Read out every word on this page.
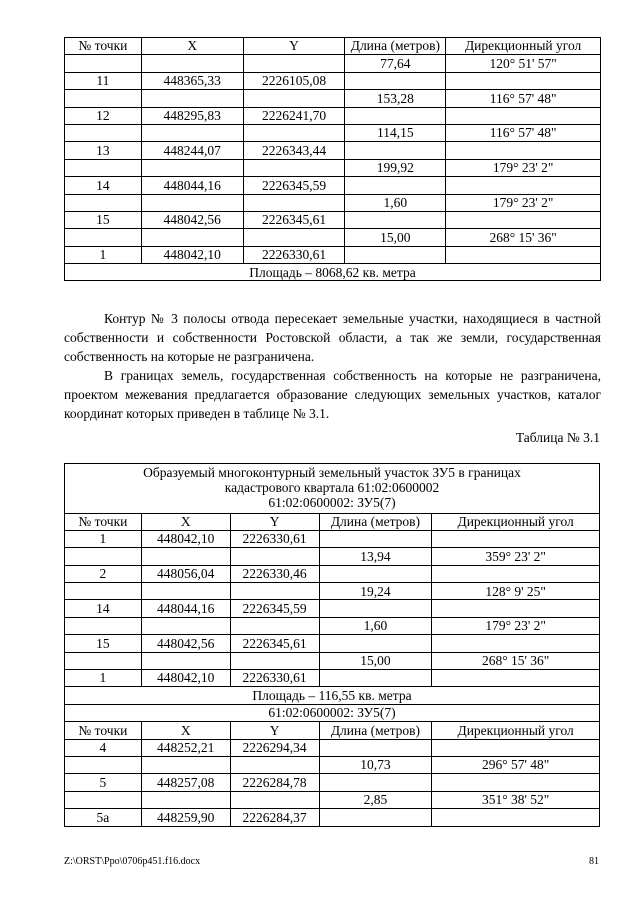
№ точки	X	Y	Длина (метров)	Дирекционный угол
			77,64	120° 51' 57"
11	448365,33	2226105,08		
			153,28	116° 57' 48"
12	448295,83	2226241,70		
			114,15	116° 57' 48"
13	448244,07	2226343,44		
			199,92	179° 23' 2"
14	448044,16	2226345,59		
			1,60	179° 23' 2"
15	448042,56	2226345,61		
			15,00	268° 15' 36"
1	448042,10	2226330,61		
Площадь – 8068,62 кв. метра				
Контур № 3 полосы отвода пересекает земельные участки, находящиеся в частной собственности и собственности Ростовской области, а так же земли, государственная собственность на которые не разграничена.
В границах земель, государственная собственность на которые не разграничена, проектом межевания предлагается образование следующих земельных участков, каталог координат которых приведен в таблице № 3.1.
Таблица № 3.1
Образуемый многоконтурный земельный участок ЗУ5 в границах
кадастрового квартала 61:02:0600002
61:02:0600002: ЗУ5(7)				

№ точки	X	Y	Длина (метров)	Дирекционный угол
1	448042,10	2226330,61		
			13,94	359° 23' 2"
2	448056,04	2226330,46		
			19,24	128° 9' 25"
14	448044,16	2226345,59		
			1,60	179° 23' 2"
15	448042,56	2226345,61		
			15,00	268° 15' 36"
1	448042,10	2226330,61		
Площадь – 116,55 кв. метра				
61:02:0600002: ЗУ5(7)				
№ точки	X	Y	Длина (метров)	Дирекционный угол
4	448252,21	2226294,34		
			10,73	296° 57' 48"
5	448257,08	2226284,78		
			2,85	351° 38' 52"
5а	448259,90	2226284,37		
Z:\ORST\Ppo\0706p451.f16.docx	81
